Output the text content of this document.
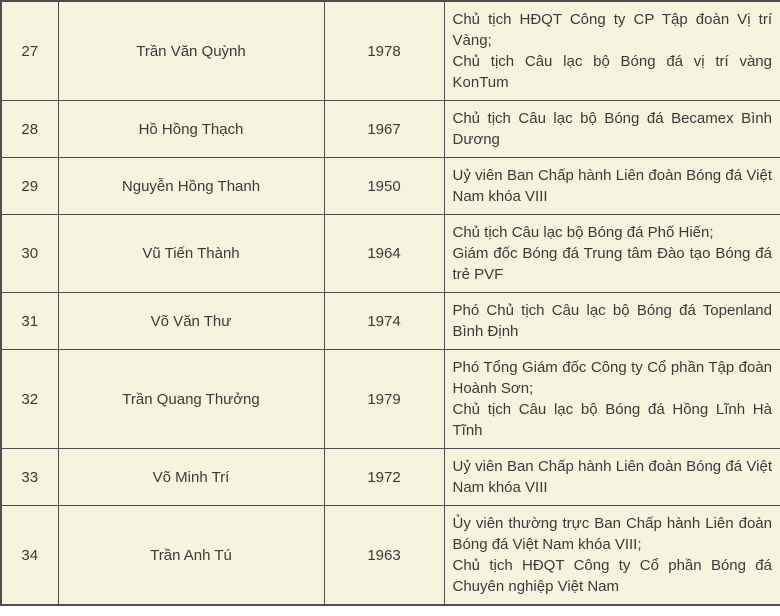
27	Trần Văn Quỳnh	1978	Chủ tịch HĐQT Công ty CP Tập đoàn Vị trí Vàng;
Chủ tịch Câu lạc bộ Bóng đá vị trí vàng KonTum

28	Hồ Hồng Thạch	1967	Chủ tịch Câu lạc bộ Bóng đá Becamex Bình Dương

29	Nguyễn Hồng Thanh	1950	Uỷ viên Ban Chấp hành Liên đoàn Bóng đá Việt Nam khóa VIII

30	Vũ Tiến Thành	1964	Chủ tịch Câu lạc bộ Bóng đá Phố Hiến;
Giám đốc Bóng đá Trung tâm Đào tạo Bóng đá trẻ PVF

31	Võ Văn Thư	1974	Phó Chủ tịch Câu lạc bộ Bóng đá Topenland Bình Định

32	Trần Quang Thưởng	1979	Phó Tổng Giám đốc Công ty Cổ phần Tập đoàn Hoành Sơn;
Chủ tịch Câu lạc bộ Bóng đá Hồng Lĩnh Hà Tĩnh

33	Võ Minh Trí	1972	Uỷ viên Ban Chấp hành Liên đoàn Bóng đá Việt Nam khóa VIII

34	Trần Anh Tú	1963	Ủy viên thường trực Ban Chấp hành Liên đoàn Bóng đá Việt Nam khóa VIII;
Chủ tịch HĐQT Công ty Cổ phần Bóng đá Chuyên nghiệp Việt Nam
